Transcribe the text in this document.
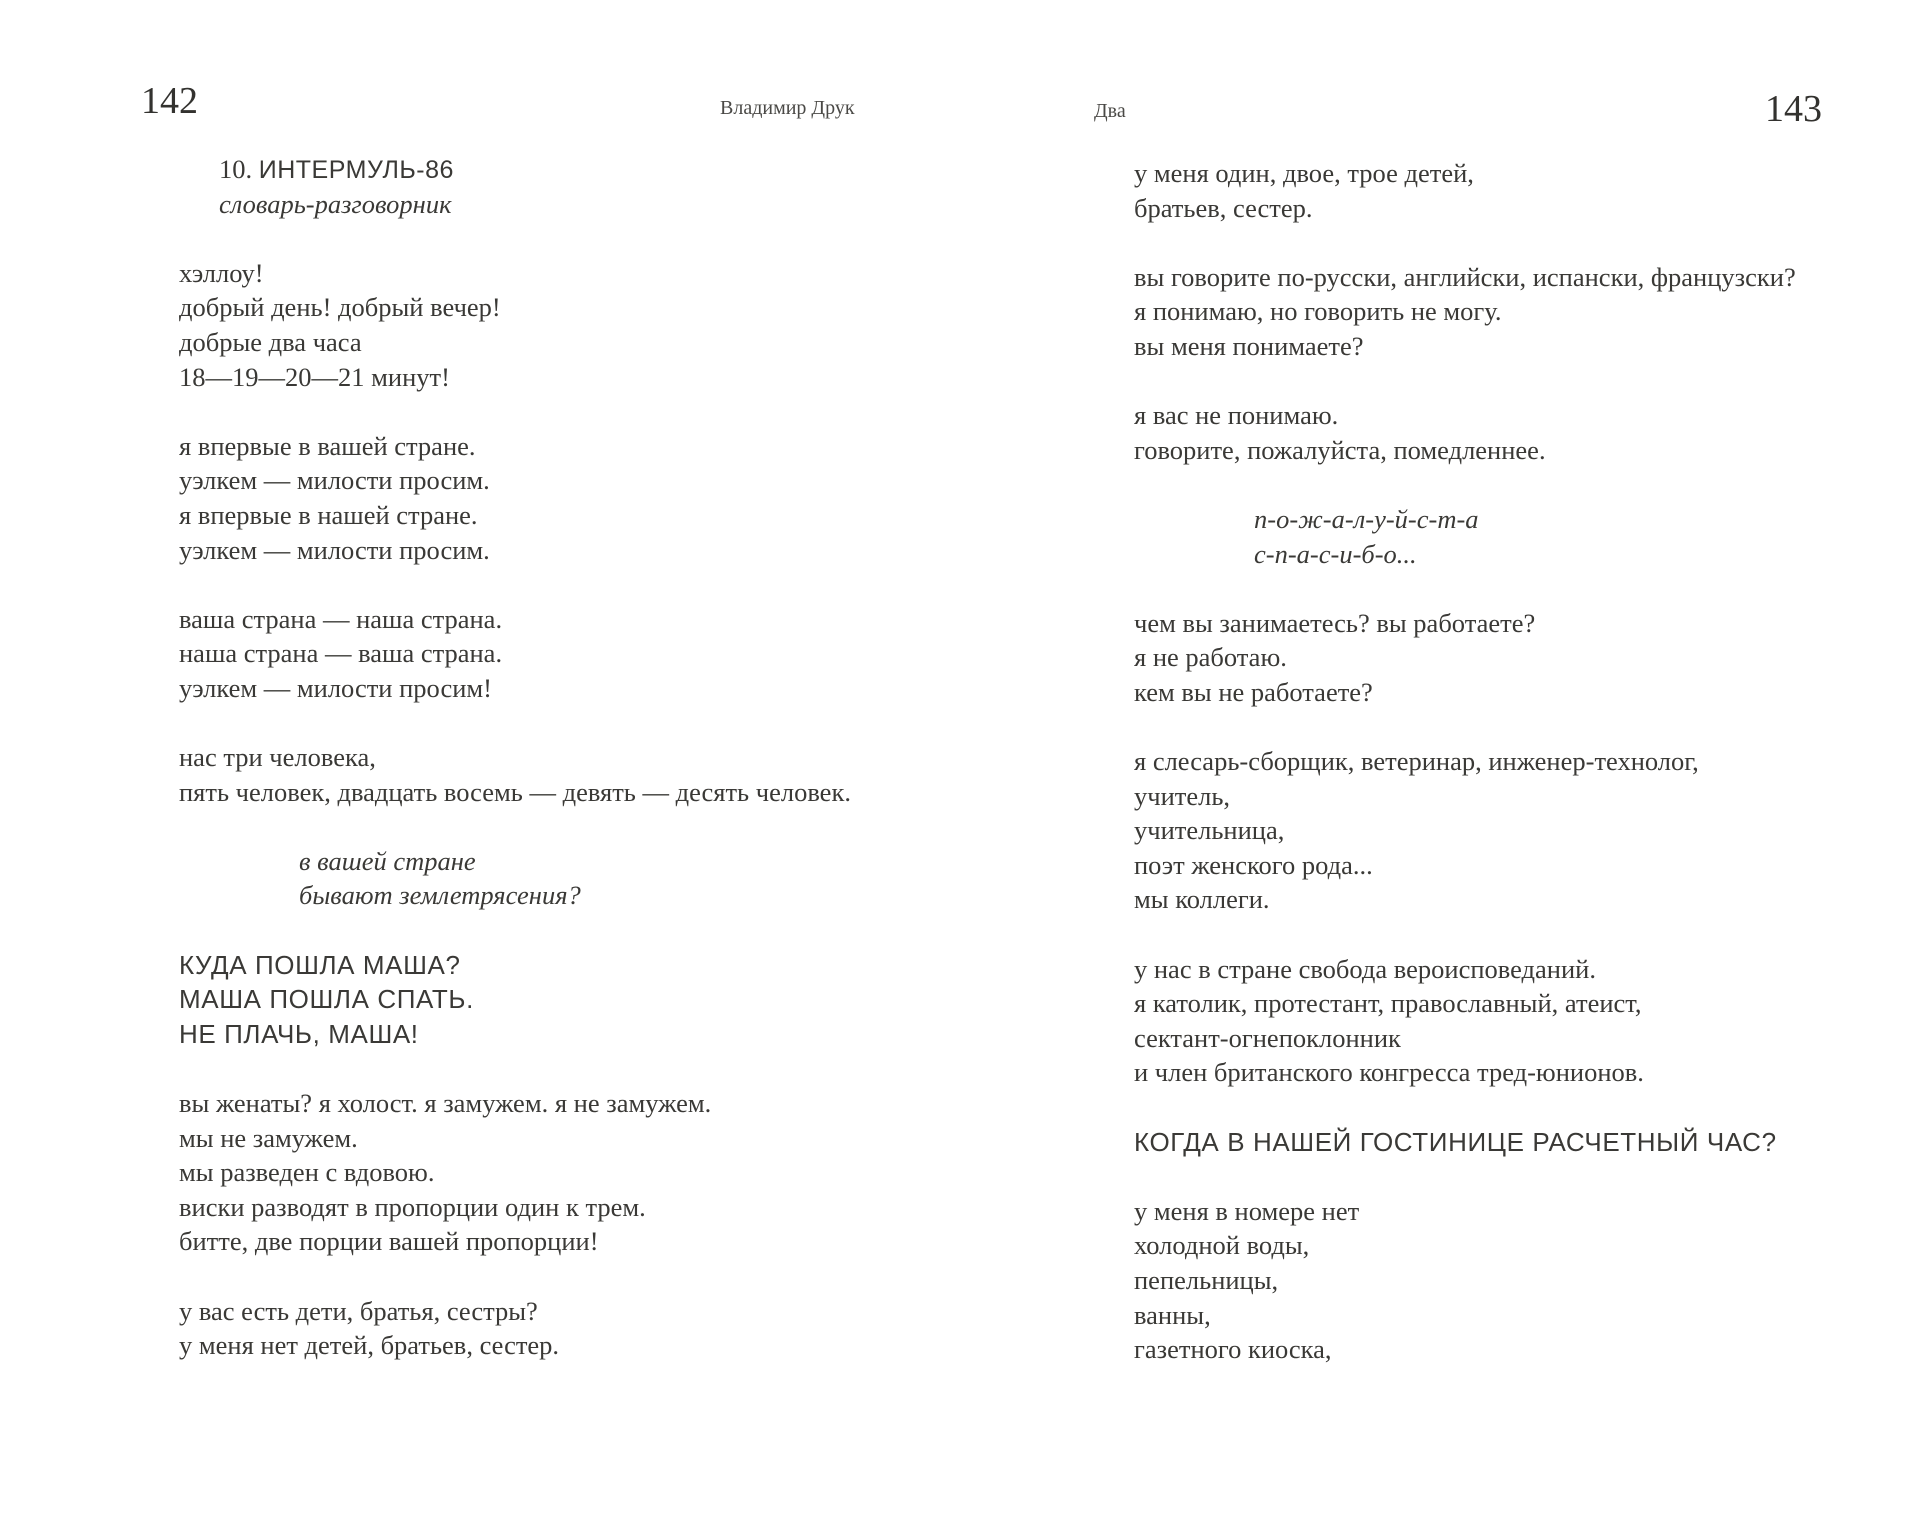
142	Владимир Друк
10. ИНТЕРМУЛЬ-86
словарь-разговорник
хэллоу!
добрый день! добрый вечер!
добрые два часа
18—19—20—21 минут!
я впервые в вашей стране.
уэлкем — милости просим.
я впервые в нашей стране.
уэлкем — милости просим.
ваша страна — наша страна.
наша страна — ваша страна.
уэлкем — милости просим!
нас три человека,
пять человек, двадцать восемь — девять — десять человек.
в вашей стране
бывают землетрясения?
КУДА ПОШЛА МАША?
МАША ПОШЛА СПАТЬ.
НЕ ПЛАЧЬ, МАША!
вы женаты? я холост. я замужем. я не замужем.
мы не замужем.
мы разведен с вдовою.
виски разводят в пропорции один к трем.
битте, две порции вашей пропорции!
у вас есть дети, братья, сестры?
у меня нет детей, братьев, сестер.
Два	143
у меня один, двое, трое детей,
братьев, сестер.
вы говорите по-русски, английски, испански, французски?
я понимаю, но говорить не могу.
вы меня понимаете?
я вас не понимаю.
говорите, пожалуйста, помедленнее.
п-о-ж-а-л-у-й-с-т-а
с-п-а-с-и-б-о...
чем вы занимаетесь? вы работаете?
я не работаю.
кем вы не работаете?
я слесарь-сборщик, ветеринар, инженер-технолог,
учитель,
учительница,
поэт женского рода...
мы коллеги.
у нас в стране свобода вероисповеданий.
я католик, протестант, православный, атеист,
сектант-огнепоклонник
и член британского конгресса тред-юнионов.
КОГДА В НАШЕЙ ГОСТИНИЦЕ РАСЧЕТНЫЙ ЧАС?
у меня в номере нет
холодной воды,
пепельницы,
ванны,
газетного киоска,
